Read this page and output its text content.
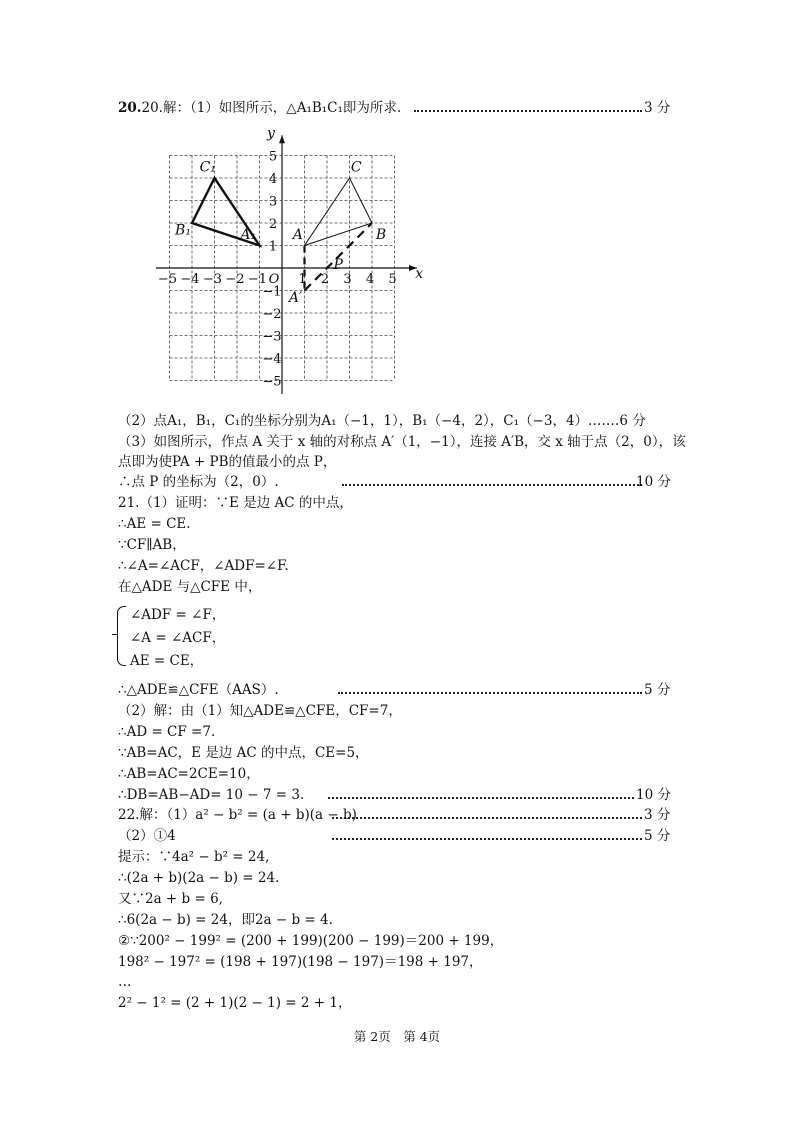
20.20.解：（1）如图所示，△A₁B₁C₁即为所求.	3 分
−5 −4 −3 −2 −1 1 2 3 4 5
5
4
3
2
1
−1
−2
−3
−4
−5
O	x
y
C₁
B₁	A₁
C
B
A
P
A′
（2）点A₁，B₁，C₁的坐标分别为A₁（−1，1），B₁（−4，2），C₁（−3，4）.……6 分
（3）如图所示，作点 A 关于 x 轴的对称点 A′（1，−1），连接 A′B，交 x 轴于点（2，0），该
点即为使PA + PB的值最小的点 P，
∴点 P 的坐标为（2，0）.	10 分
21.（1）证明：∵E 是边 AC 的中点，
∴AE = CE.
∵CF∥AB，
∴∠A=∠ACF，∠ADF=∠F.
在△ADE 与△CFE 中，
∠ADF = ∠F，
∠A = ∠ACF，
AE = CE，
∴△ADE≌△CFE（AAS）.	5 分
（2）解：由（1）知△ADE≌△CFE，CF=7，
∴AD = CF =7.
∵AB=AC，E 是边 AC 的中点，CE=5，
∴AB=AC=2CE=10，
∴DB=AB−AD= 10 − 7 = 3.	10 分
22.解：（1）a² − b² = (a + b)(a − b)	3 分
（2）①4	5 分
提示：∵4a² − b² = 24,
∴(2a + b)(2a − b) = 24.
又∵2a + b = 6,
∴6(2a − b) = 24，即2a − b = 4.
②∵200² − 199² = (200 + 199)(200 − 199)＝200 + 199，
198² − 197² = (198 + 197)(198 − 197)＝198 + 197，
…
2² − 1² = (2 + 1)(2 − 1) = 2 + 1，
第 2页　第 4页
